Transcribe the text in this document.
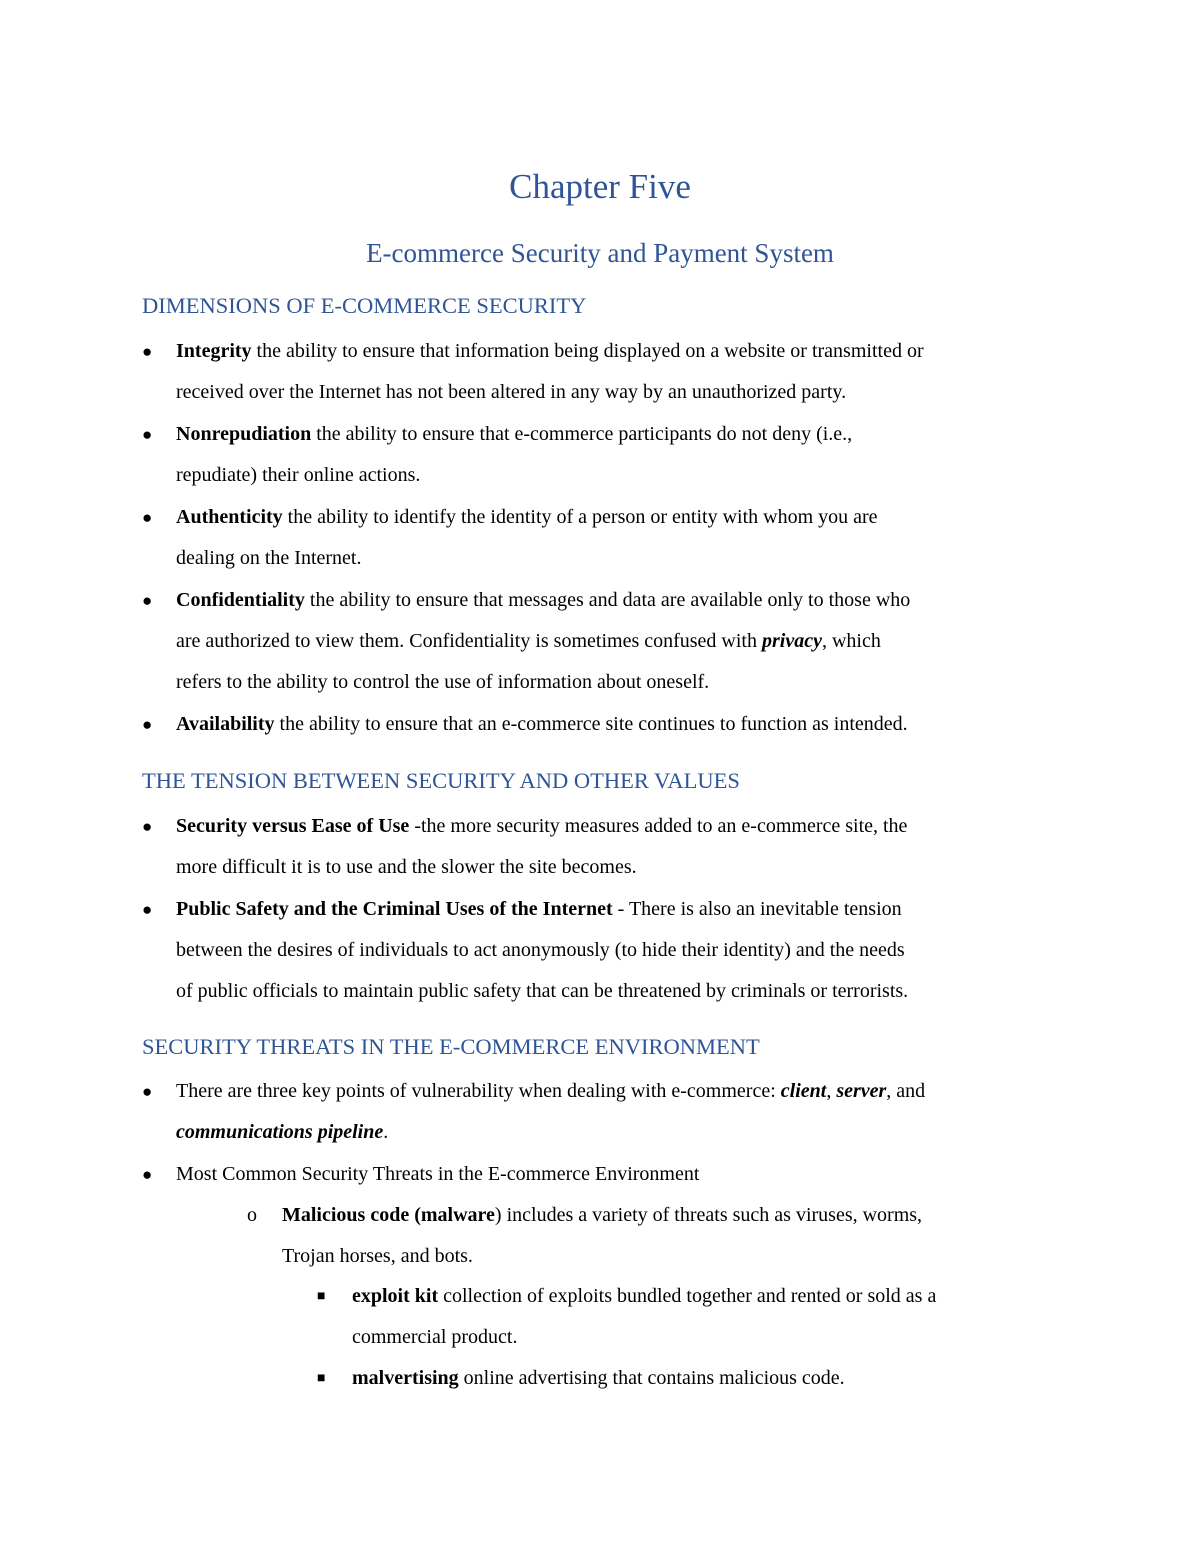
Chapter Five
E-commerce Security and Payment System
DIMENSIONS OF E-COMMERCE SECURITY
● Integrity the ability to ensure that information being displayed on a website or transmitted or
received over the Internet has not been altered in any way by an unauthorized party.
● Nonrepudiation the ability to ensure that e-commerce participants do not deny (i.e.,
repudiate) their online actions.
● Authenticity the ability to identify the identity of a person or entity with whom you are
dealing on the Internet.
● Confidentiality the ability to ensure that messages and data are available only to those who
are authorized to view them. Confidentiality is sometimes confused with privacy, which
refers to the ability to control the use of information about oneself.
● Availability the ability to ensure that an e-commerce site continues to function as intended.
THE TENSION BETWEEN SECURITY AND OTHER VALUES
● Security versus Ease of Use -the more security measures added to an e-commerce site, the
more difficult it is to use and the slower the site becomes.
● Public Safety and the Criminal Uses of the Internet - There is also an inevitable tension
between the desires of individuals to act anonymously (to hide their identity) and the needs
of public officials to maintain public safety that can be threatened by criminals or terrorists.
SECURITY THREATS IN THE E-COMMERCE ENVIRONMENT
● There are three key points of vulnerability when dealing with e-commerce: client, server, and
communications pipeline.
● Most Common Security Threats in the E-commerce Environment
o Malicious code (malware) includes a variety of threats such as viruses, worms,
Trojan horses, and bots.
■ exploit kit collection of exploits bundled together and rented or sold as a
commercial product.
■ malvertising online advertising that contains malicious code.
